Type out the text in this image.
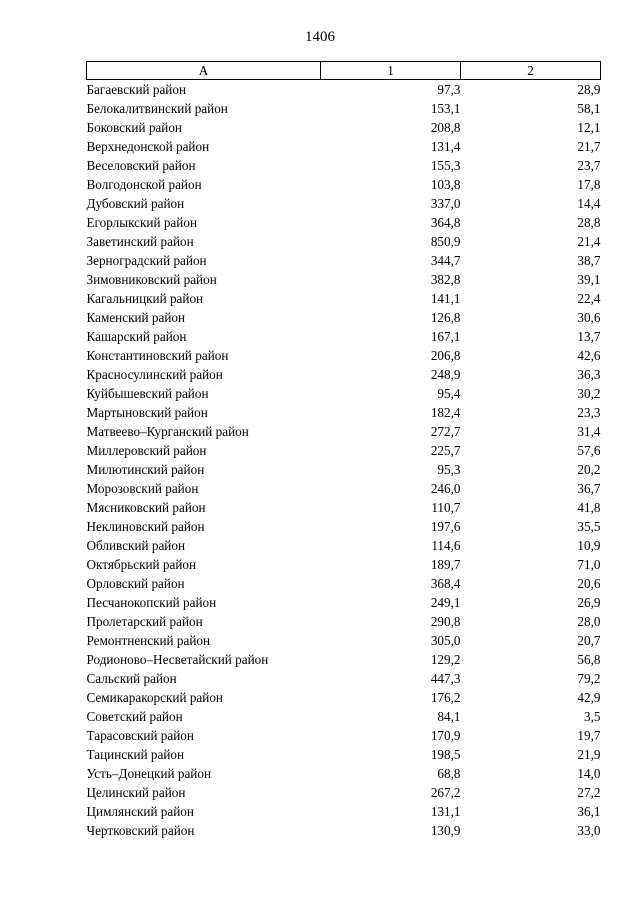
1406
А	1	2
Багаевский район	97,3	28,9
Белокалитвинский район	153,1	58,1
Боковский район	208,8	12,1
Верхнедонской район	131,4	21,7
Веселовский район	155,3	23,7
Волгодонской район	103,8	17,8
Дубовский район	337,0	14,4
Егорлыкский район	364,8	28,8
Заветинский район	850,9	21,4
Зерноградский район	344,7	38,7
Зимовниковский район	382,8	39,1
Кагальницкий район	141,1	22,4
Каменский район	126,8	30,6
Кашарский район	167,1	13,7
Константиновский район	206,8	42,6
Красносулинский район	248,9	36,3
Куйбышевский район	95,4	30,2
Мартыновский район	182,4	23,3
Матвеево–Курганский район	272,7	31,4
Миллеровский район	225,7	57,6
Милютинский район	95,3	20,2
Морозовский район	246,0	36,7
Мясниковский район	110,7	41,8
Неклиновский район	197,6	35,5
Обливский район	114,6	10,9
Октябрьский район	189,7	71,0
Орловский район	368,4	20,6
Песчанокопский район	249,1	26,9
Пролетарский район	290,8	28,0
Ремонтненский район	305,0	20,7
Родионово–Несветайский район	129,2	56,8
Сальский район	447,3	79,2
Семикаракорский район	176,2	42,9
Советский район	84,1	3,5
Тарасовский район	170,9	19,7
Тацинский район	198,5	21,9
Усть–Донецкий район	68,8	14,0
Целинский район	267,2	27,2
Цимлянский район	131,1	36,1
Чертковский район	130,9	33,0
